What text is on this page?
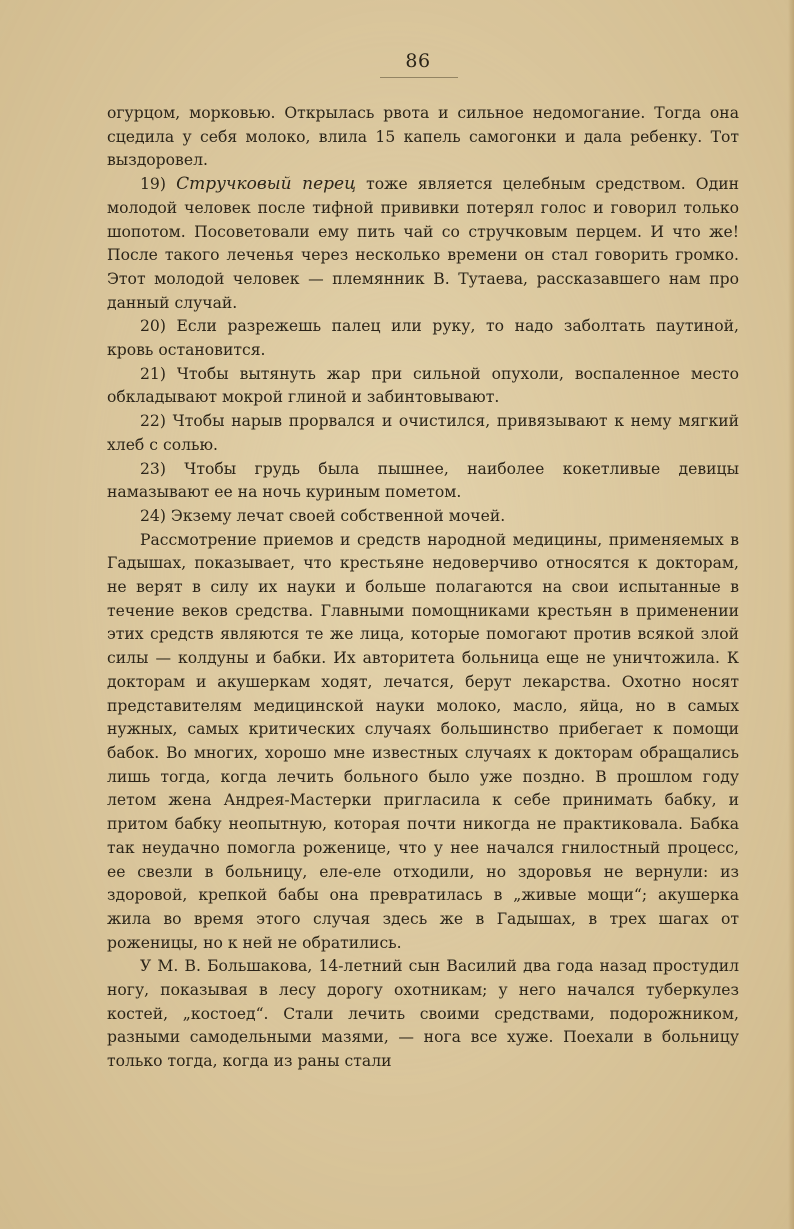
86

огурцом, морковью. Открылась рвота и сильное недомогание. Тогда она сцедила у себя молоко, влила 15 капель самогонки и дала ребенку. Тот выздоровел.

19) Стручковый перец тоже является целебным средством. Один молодой человек после тифной прививки потерял голос и говорил только шопотом. Посоветовали ему пить чай со стручковым перцем. И что же! После такого леченья через несколько времени он стал говорить громко. Этот молодой человек — племянник В. Тутаева, рассказавшего нам про данный случай.

20) Если разрежешь палец или руку, то надо заболтать паутиной, кровь остановится.

21) Чтобы вытянуть жар при сильной опухоли, воспаленное место обкладывают мокрой глиной и забинтовывают.

22) Чтобы нарыв прорвался и очистился, привязывают к нему мягкий хлеб с солью.

23) Чтобы грудь была пышнее, наиболее кокетливые девицы намазывают ее на ночь куриным пометом.

24) Экзему лечат своей собственной мочей.

Рассмотрение приемов и средств народной медицины, применяемых в Гадышах, показывает, что крестьяне недоверчиво относятся к докторам, не верят в силу их науки и больше полагаются на свои испытанные в течение веков средства. Главными помощниками крестьян в применении этих средств являются те же лица, которые помогают против всякой злой силы — колдуны и бабки. Их авторитета больница еще не уничтожила. К докторам и акушеркам ходят, лечатся, берут лекарства. Охотно носят представителям медицинской науки молоко, масло, яйца, но в самых нужных, самых критических случаях большинство прибегает к помощи бабок. Во многих, хорошо мне известных случаях к докторам обращались лишь тогда, когда лечить больного было уже поздно. В прошлом году летом жена Андрея-Мастерки пригласила к себе принимать бабку, и притом бабку неопытную, которая почти никогда не практиковала. Бабка так неудачно помогла роженице, что у нее начался гнилостный процесс, ее свезли в больницу, еле-еле отходили, но здоровья не вернули: из здоровой, крепкой бабы она превратилась в „живые мощи“; акушерка жила во время этого случая здесь же в Гадышах, в трех шагах от роженицы, но к ней не обратились.

У М. В. Большакова, 14-летний сын Василий два года назад простудил ногу, показывая в лесу дорогу охотникам; у него начался туберкулез костей, „костоед“. Стали лечить своими средствами, подорожником, разными самодельными мазями, — нога все хуже. Поехали в больницу только тогда, когда из раны стали
